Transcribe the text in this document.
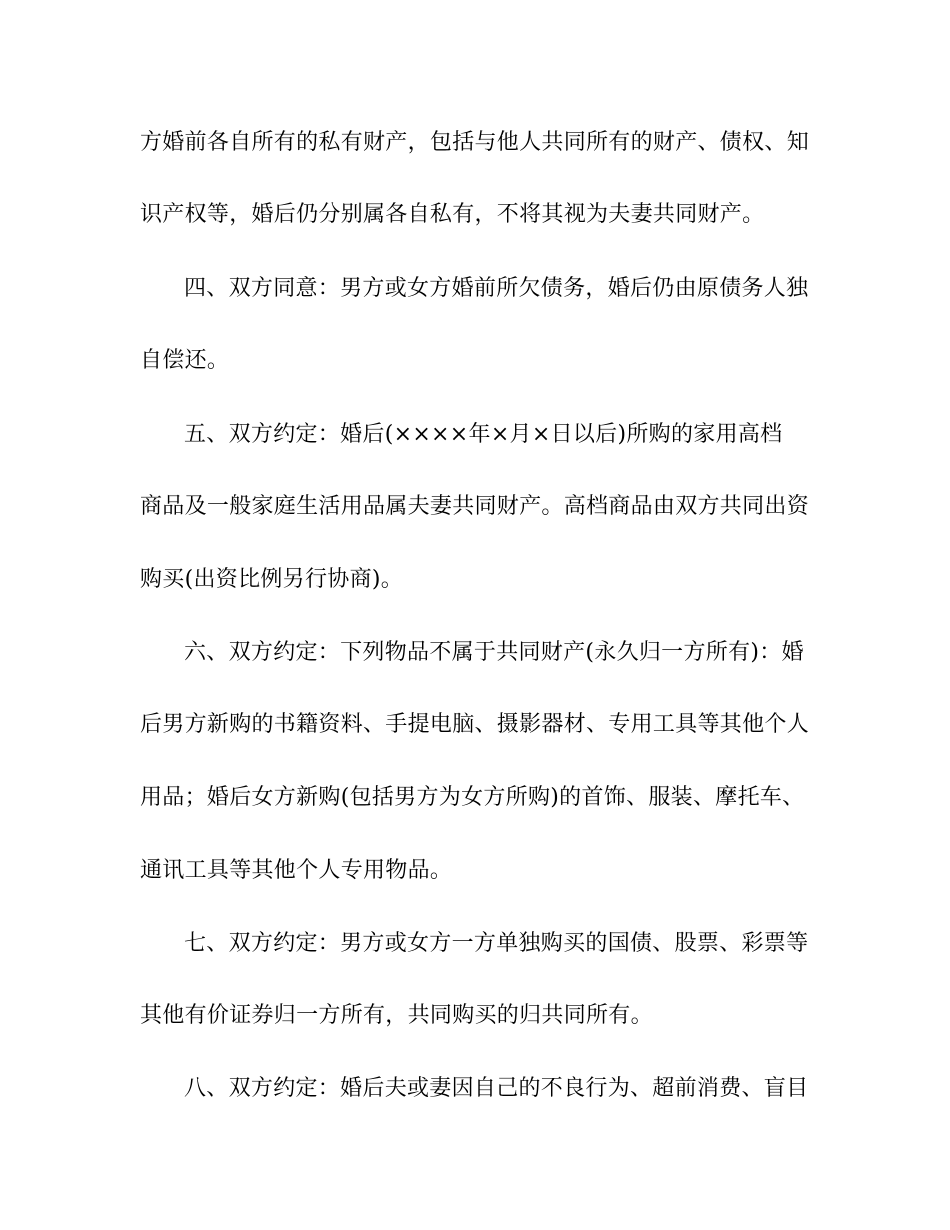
方婚前各自所有的私有财产，包括与他人共同所有的财产、债权、知
识产权等，婚后仍分别属各自私有，不将其视为夫妻共同财产。
四、双方同意：男方或女方婚前所欠债务，婚后仍由原债务人独
自偿还。
五、双方约定：婚后(××××年×月×日以后)所购的家用高档
商品及一般家庭生活用品属夫妻共同财产。高档商品由双方共同出资
购买(出资比例另行协商)。
六、双方约定：下列物品不属于共同财产(永久归一方所有)：婚
后男方新购的书籍资料、手提电脑、摄影器材、专用工具等其他个人
用品；婚后女方新购(包括男方为女方所购)的首饰、服装、摩托车、
通讯工具等其他个人专用物品。
七、双方约定：男方或女方一方单独购买的国债、股票、彩票等
其他有价证券归一方所有，共同购买的归共同所有。
八、双方约定：婚后夫或妻因自己的不良行为、超前消费、盲目
